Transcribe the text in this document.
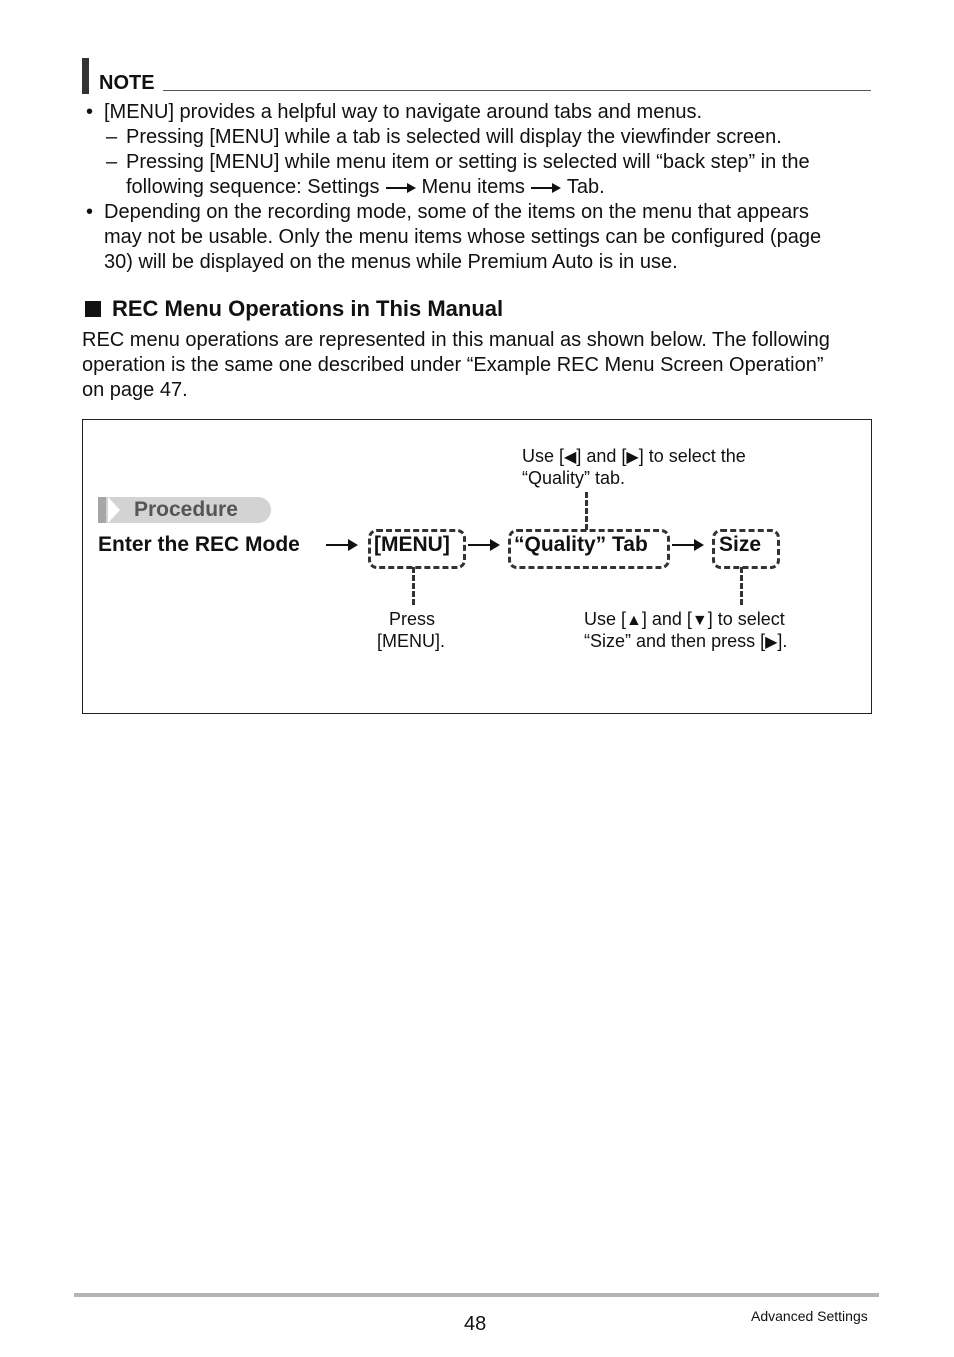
NOTE
• [MENU] provides a helpful way to navigate around tabs and menus.
– Pressing [MENU] while a tab is selected will display the viewfinder screen.
– Pressing [MENU] while menu item or setting is selected will “back step” in the
following sequence: Settings Menu items Tab.
• Depending on the recording mode, some of the items on the menu that appears
may not be usable. Only the menu items whose settings can be configured (page
30) will be displayed on the menus while Premium Auto is in use.
REC Menu Operations in This Manual
REC menu operations are represented in this manual as shown below. The following
operation is the same one described under “Example REC Menu Screen Operation”
on page 47.
Procedure
Use [◀] and [▶] to select the
“Quality” tab.
Enter the REC Mode	[MENU]	“Quality” Tab	Size
Press
[MENU].
Use [▲] and [▼] to select
“Size” and then press [▶].
48	Advanced Settings
